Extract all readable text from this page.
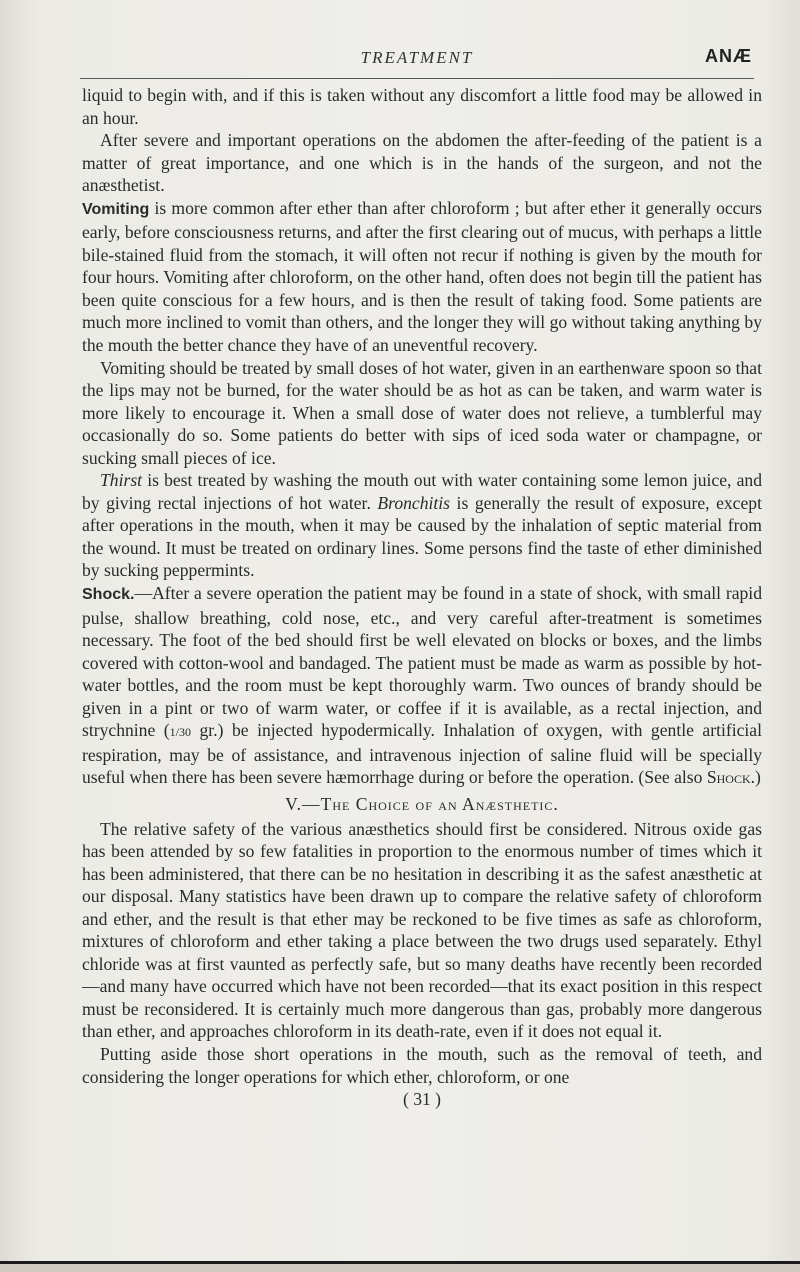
TREATMENT	ANÆ

liquid to begin with, and if this is taken without any discomfort a little food may be allowed in an hour.

After severe and important operations on the abdomen the after-feeding of the patient is a matter of great importance, and one which is in the hands of the surgeon, and not the anæsthetist.

Vomiting is more common after ether than after chloroform ; but after ether it generally occurs early, before consciousness returns, and after the first clearing out of mucus, with perhaps a little bile-stained fluid from the stomach, it will often not recur if nothing is given by the mouth for four hours. Vomiting after chloroform, on the other hand, often does not begin till the patient has been quite conscious for a few hours, and is then the result of taking food. Some patients are much more inclined to vomit than others, and the longer they will go without taking anything by the mouth the better chance they have of an uneventful recovery.

Vomiting should be treated by small doses of hot water, given in an earthenware spoon so that the lips may not be burned, for the water should be as hot as can be taken, and warm water is more likely to encourage it. When a small dose of water does not relieve, a tumblerful may occasionally do so. Some patients do better with sips of iced soda water or champagne, or sucking small pieces of ice.

Thirst is best treated by washing the mouth out with water containing some lemon juice, and by giving rectal injections of hot water. Bronchitis is generally the result of exposure, except after operations in the mouth, when it may be caused by the inhalation of septic material from the wound. It must be treated on ordinary lines. Some persons find the taste of ether diminished by sucking peppermints.

Shock.—After a severe operation the patient may be found in a state of shock, with small rapid pulse, shallow breathing, cold nose, etc., and very careful after-treatment is sometimes necessary. The foot of the bed should first be well elevated on blocks or boxes, and the limbs covered with cotton-wool and bandaged. The patient must be made as warm as possible by hot-water bottles, and the room must be kept thoroughly warm. Two ounces of brandy should be given in a pint or two of warm water, or coffee if it is available, as a rectal injection, and strychnine (1/30 gr.) be injected hypodermically. Inhalation of oxygen, with gentle artificial respiration, may be of assistance, and intravenous injection of saline fluid will be specially useful when there has been severe hæmorrhage during or before the operation. (See also Shock.)

V.—The Choice of an Anæsthetic.

The relative safety of the various anæsthetics should first be considered. Nitrous oxide gas has been attended by so few fatalities in proportion to the enormous number of times which it has been administered, that there can be no hesitation in describing it as the safest anæsthetic at our disposal. Many statistics have been drawn up to compare the relative safety of chloroform and ether, and the result is that ether may be reckoned to be five times as safe as chloroform, mixtures of chloroform and ether taking a place between the two drugs used separately. Ethyl chloride was at first vaunted as perfectly safe, but so many deaths have recently been recorded—and many have occurred which have not been recorded—that its exact position in this respect must be reconsidered. It is certainly much more dangerous than gas, probably more dangerous than ether, and approaches chloroform in its death-rate, even if it does not equal it.

Putting aside those short operations in the mouth, such as the removal of teeth, and considering the longer operations for which ether, chloroform, or one

( 31 )
